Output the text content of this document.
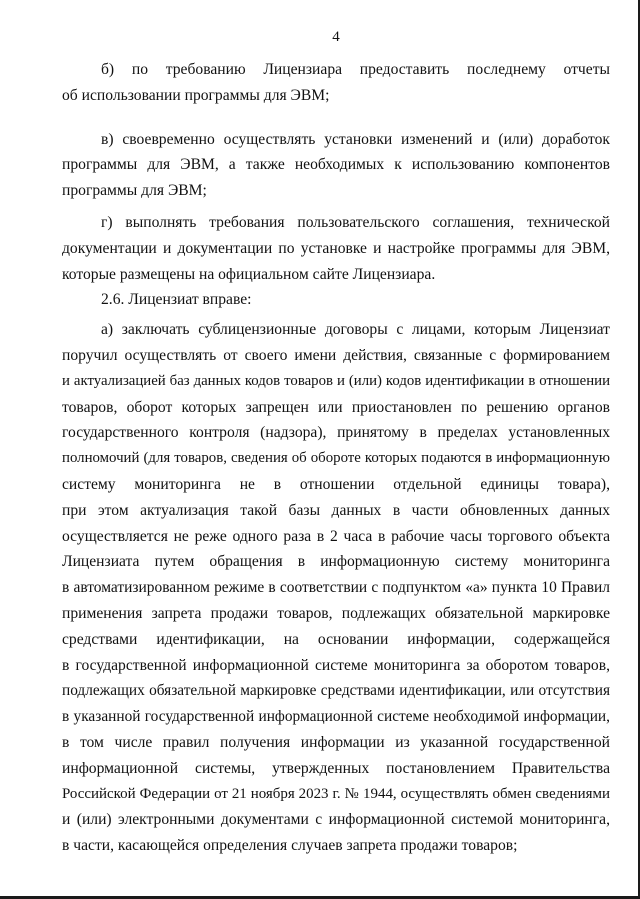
4
б) по требованию Лицензиара предоставить последнему отчеты
об использовании программы для ЭВМ;
в) своевременно осуществлять установки изменений и (или) доработок
программы для ЭВМ, а также необходимых к использованию компонентов
программы для ЭВМ;
г) выполнять требования пользовательского соглашения, технической
документации и документации по установке и настройке программы для ЭВМ,
которые размещены на официальном сайте Лицензиара.
2.6. Лицензиат вправе:
а) заключать сублицензионные договоры с лицами, которым Лицензиат
поручил осуществлять от своего имени действия, связанные с формированием
и актуализацией баз данных кодов товаров и (или) кодов идентификации в отношении
товаров, оборот которых запрещен или приостановлен по решению органов
государственного контроля (надзора), принятому в пределах установленных
полномочий (для товаров, сведения об обороте которых подаются в информационную
систему мониторинга не в отношении отдельной единицы товара),
при этом актуализация такой базы данных в части обновленных данных
осуществляется не реже одного раза в 2 часа в рабочие часы торгового объекта
Лицензиата путем обращения в информационную систему мониторинга
в автоматизированном режиме в соответствии с подпунктом «а» пункта 10 Правил
применения запрета продажи товаров, подлежащих обязательной маркировке
средствами идентификации, на основании информации, содержащейся
в государственной информационной системе мониторинга за оборотом товаров,
подлежащих обязательной маркировке средствами идентификации, или отсутствия
в указанной государственной информационной системе необходимой информации,
в том числе правил получения информации из указанной государственной
информационной системы, утвержденных постановлением Правительства
Российской Федерации от 21 ноября 2023 г. № 1944, осуществлять обмен сведениями
и (или) электронными документами с информационной системой мониторинга,
в части, касающейся определения случаев запрета продажи товаров;
